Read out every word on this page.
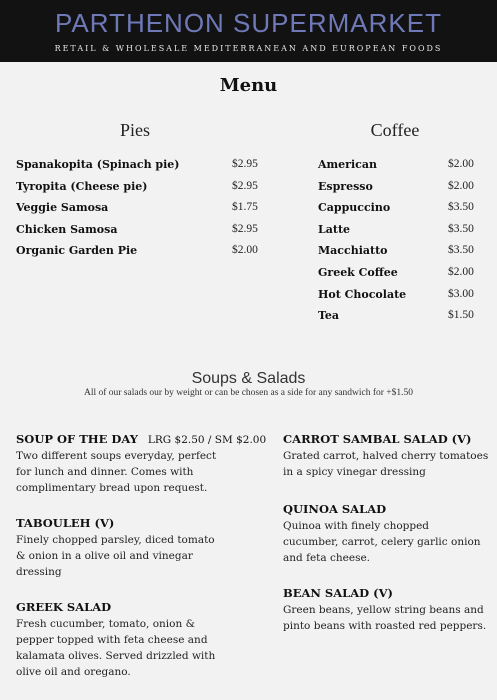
PARTHENON SUPERMARKET
RETAIL & WHOLESALE MEDITERRANEAN AND EUROPEAN FOODS
Menu
Pies
Spanakopita (Spinach pie)	$2.95
Tyropita (Cheese pie)	$2.95
Veggie Samosa	$1.75
Chicken Samosa	$2.95
Organic Garden Pie	$2.00
Coffee
American	$2.00
Espresso	$2.00
Cappuccino	$3.50
Latte	$3.50
Macchiatto	$3.50
Greek Coffee	$2.00
Hot Chocolate	$3.00
Tea	$1.50
Soups & Salads
All of our salads our by weight or can be chosen as a side for any sandwich for +$1.50
SOUP OF THE DAY LRG $2.50 / SM $2.00
Two different soups everyday, perfect
for lunch and dinner. Comes with
complimentary bread upon request.
TABOULEH (V)
Finely chopped parsley, diced tomato
& onion in a olive oil and vinegar
dressing
GREEK SALAD
Fresh cucumber, tomato, onion &
pepper topped with feta cheese and
kalamata olives. Served drizzled with
olive oil and oregano.
CARROT SAMBAL SALAD (V)
Grated carrot, halved cherry tomatoes
in a spicy vinegar dressing
QUINOA SALAD
Quinoa with finely chopped
cucumber, carrot, celery garlic onion
and feta cheese.
BEAN SALAD (V)
Green beans, yellow string beans and
pinto beans with roasted red peppers.
